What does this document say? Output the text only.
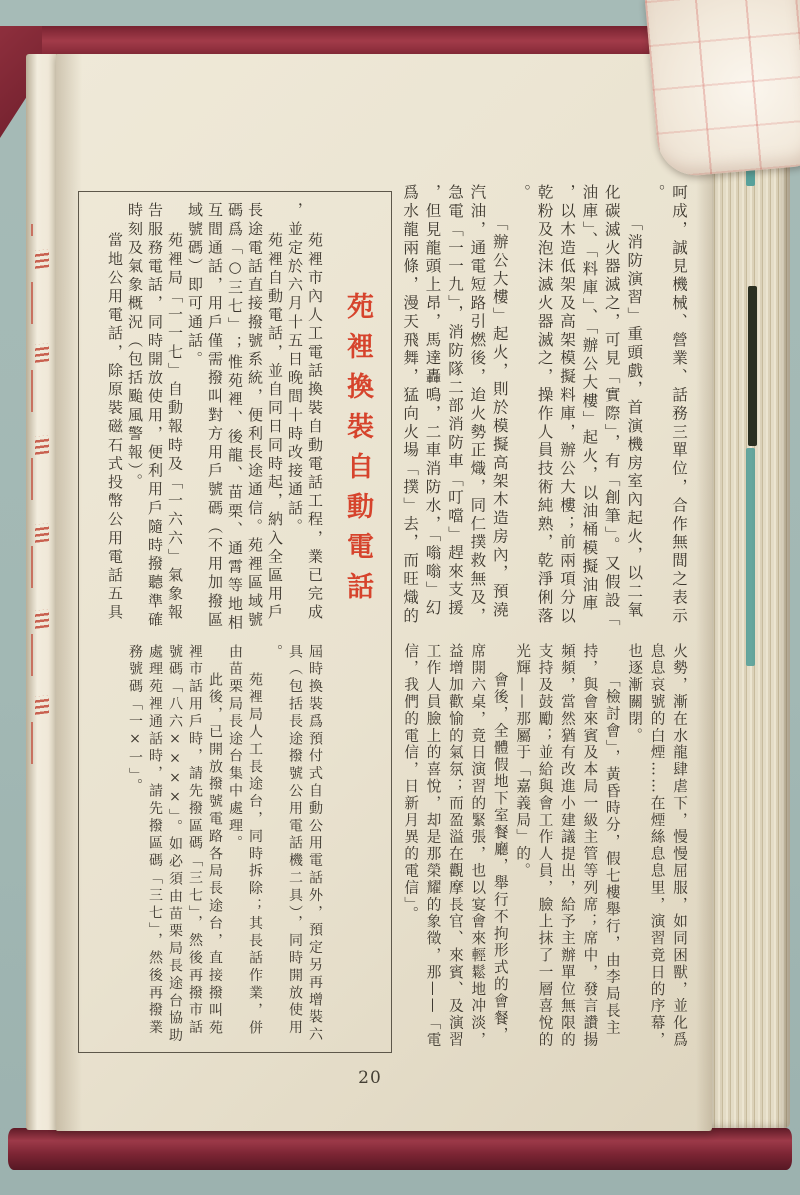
呵成，誠見機械、營業、話務三單位，合作無間之表示。

「消防演習」重頭戲，首演機房室內起火，以二氧化碳滅火器滅之，可見「實際」，有「創筆」。又假設「油庫」、「料庫」、「辦公大樓」起火，以油桶模擬油庫，以木造低架及高架模擬料庫，辦公大樓；前兩項分以乾粉及泡沫滅火器滅之，操作人員技術純熟，乾淨俐落。

「辦公大樓」起火，則於模擬高架木造房內，預澆汽油，通電短路引燃後，迨火勢正熾，同仁撲救無及，急電「一一九」，消防隊二部消防車「叮噹」趕來支援，但見龍頭上昂，馬達轟鳴，二車消防水，「嗡嗡」幻爲水龍兩條，漫天飛舞，猛向火場「撲」去，而旺熾的

火勢，漸在水龍肆虐下，慢慢屈服，如同困獸，並化爲息息哀號的白煙……在煙絲息息里，演習竟日的序幕，也逐漸關閉。

「檢討會」，黃昏時分，假七樓舉行，由李局長主持，與會來賓及本局一級主管等列席；席中，發言讚揚頻頻，當然猶有改進小建議提出，給予主辦單位無限的支持及鼓勵；並給與會工作人員，臉上抹了一層喜悅的光輝——那屬于「嘉義局」的。

會後，全體假地下室餐廳，舉行不拘形式的會餐，席開六桌，竟日演習的緊張，也以宴會來輕鬆地冲淡，益增加歡愉的氣氛；而盈溢在觀摩長官、來賓、及演習工作人員臉上的喜悅，却是那榮耀的象徵，那——「電信，我們的電信，日新月異的電信」。

苑裡換裝自動電話

苑裡市內人工電話換裝自動電話工程，業已完成，並定於六月十五日晚間十時改接通話。

苑裡自動電話，並自同日同時起，納入全區用戶長途電話直接撥號系統，便利長途通信。苑裡區域號碼爲「○三七」；惟苑裡、後龍、苗栗、通霄等地相互間通話，用戶僅需撥叫對方用戶號碼（不用加撥區域號碼）即可通話。

苑裡局「一一七」自動報時及「一六六」氣象報告服務電話，同時開放使用，便利用戶隨時撥聽準確時刻及氣象概況（包括颱風警報）。

當地公用電話，除原裝磁石式投幣公用電話五具

屆時換裝爲預付式自動公用電話外，預定另再增裝六具（包括長途撥號公用電話機二具），同時開放使用。

苑裡局人工長途台，同時拆除；其長話作業，併由苗栗局長途台集中處理。

此後，已開放撥號電路各局長途台，直接撥叫苑裡市話用戶時，請先撥區碼「三七」，然後再撥市話號碼「八六××××」。如必須由苗栗局長途台協助處理苑裡通話時，請先撥區碼「三七」，然後再撥業務號碼「一×一」。

20
